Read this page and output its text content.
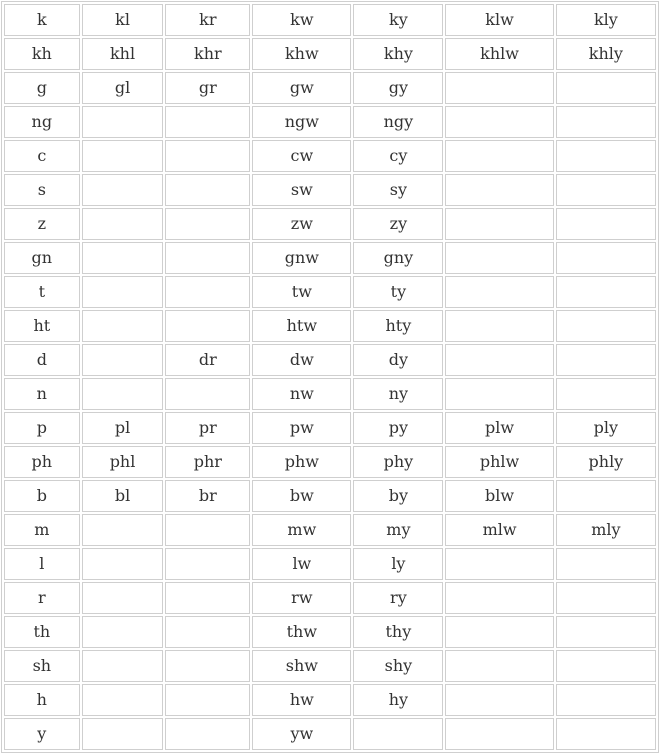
k	kl	kr	kw	ky	klw	kly
kh	khl	khr	khw	khy	khlw	khly
g	gl	gr	gw	gy		
ng			ngw	ngy		
c			cw	cy		
s			sw	sy		
z			zw	zy		
gn			gnw	gny		
t			tw	ty		
ht			htw	hty		
d		dr	dw	dy		
n			nw	ny		
p	pl	pr	pw	py	plw	ply
ph	phl	phr	phw	phy	phlw	phly
b	bl	br	bw	by	blw	
m			mw	my	mlw	mly
l			lw	ly		
r			rw	ry		
th			thw	thy		
sh			shw	shy		
h			hw	hy		
y			yw			
